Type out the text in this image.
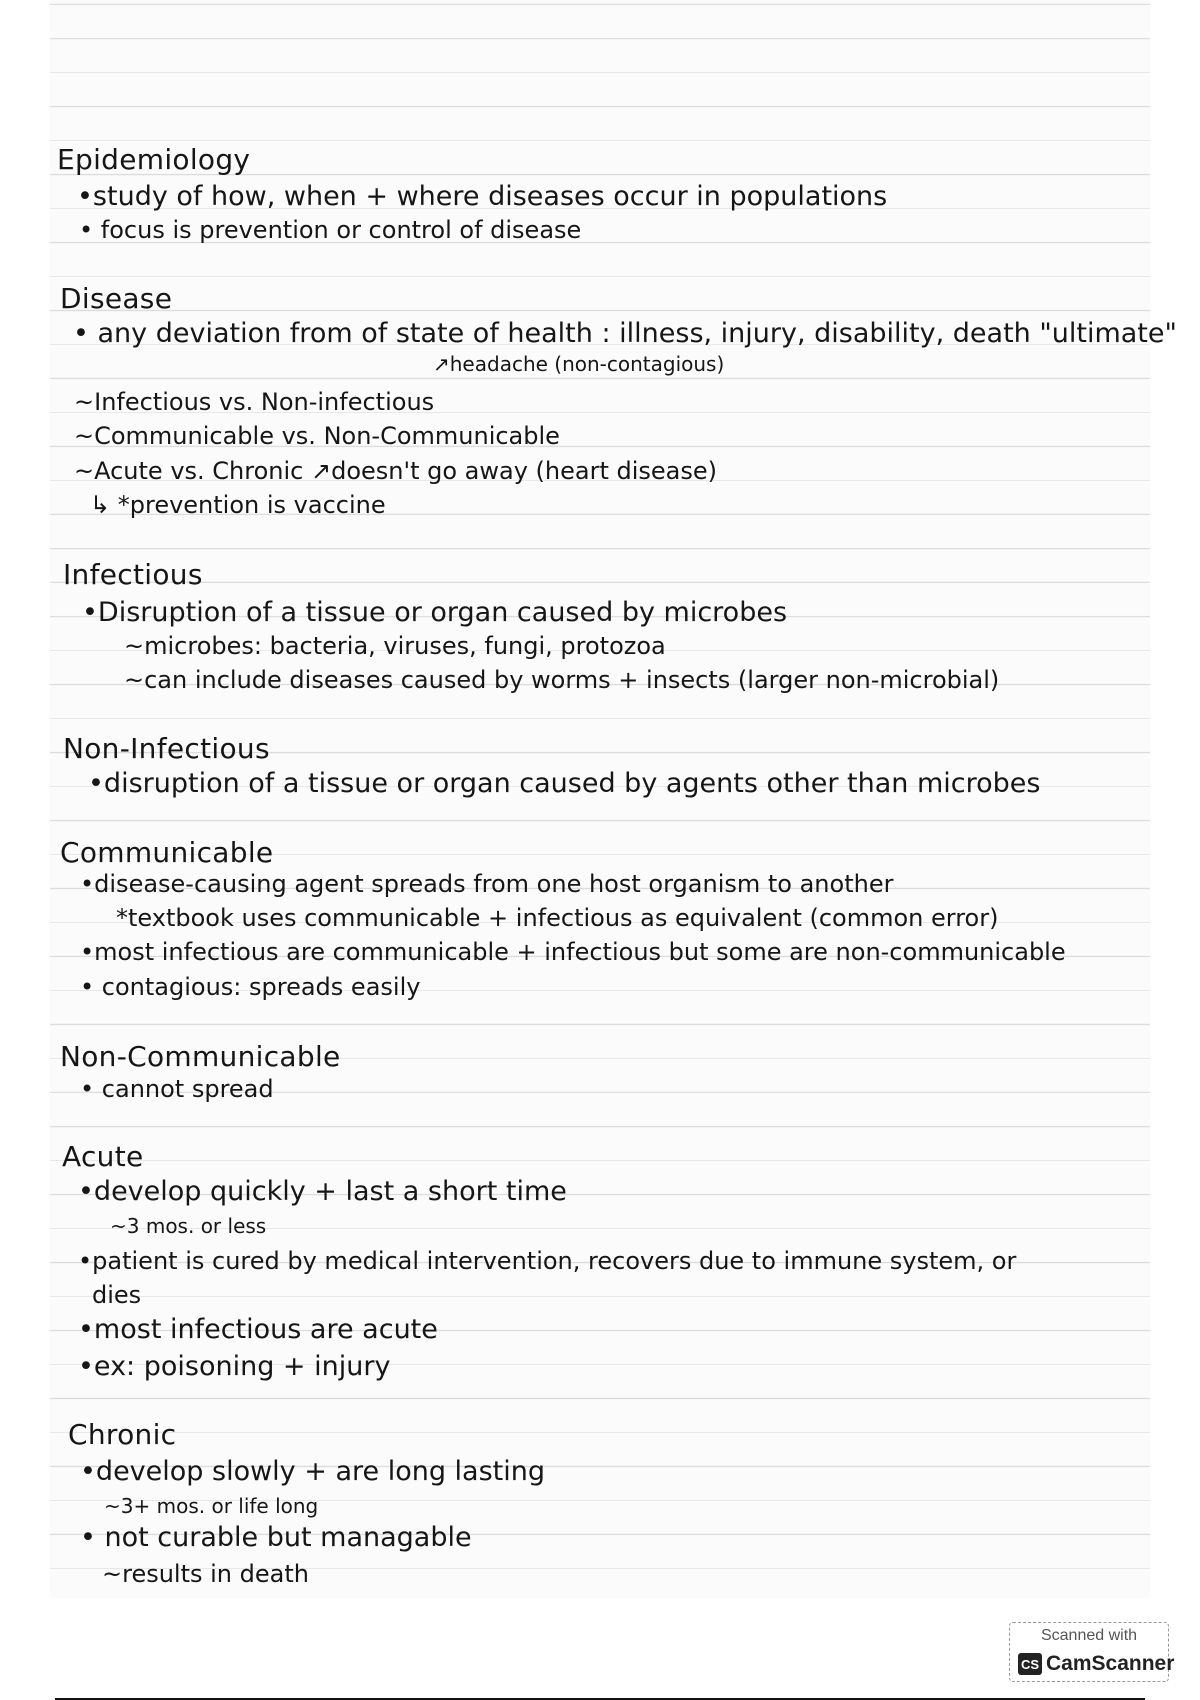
Epidemiology
•study of how, when + where diseases occur in populations
• focus is prevention or control of disease
Disease
• any deviation from of state of health : illness, injury, disability, death "ultimate"
↗headache (non-contagious)
~Infectious vs. Non-infectious
~Communicable vs. Non-Communicable
~Acute vs. Chronic ↗doesn't go away (heart disease)
↳ *prevention is vaccine
Infectious
•Disruption of a tissue or organ caused by microbes
~microbes: bacteria, viruses, fungi, protozoa
~can include diseases caused by worms + insects (larger non-microbial)
Non-Infectious
•disruption of a tissue or organ caused by agents other than microbes
Communicable
•disease-causing agent spreads from one host organism to another
*textbook uses communicable + infectious as equivalent (common error)
•most infectious are communicable + infectious but some are non-communicable
• contagious: spreads easily
Non-Communicable
• cannot spread
Acute
•develop quickly + last a short time
~3 mos. or less
•patient is cured by medical intervention, recovers due to immune system, or
dies
•most infectious are acute
•ex: poisoning + injury
Chronic
•develop slowly + are long lasting
~3+ mos. or life long
• not curable but managable
~results in death
Scanned with
CS CamScanner
